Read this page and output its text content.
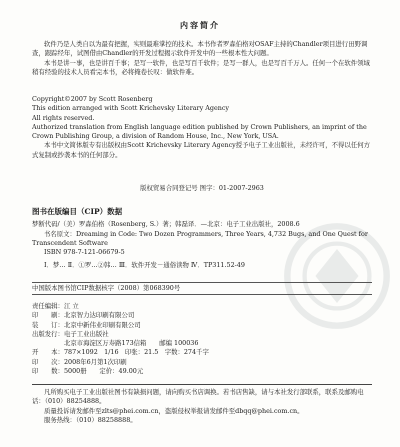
内容简介

软件乃是人类自以为最有把握，实则最难掌控的技术。本书作者罗森伯格对OSAF主持的Chandler项目进行田野调查，跟踪经年，试图借由Chandler的开发过程揭示软件开发中的一些根本性大问题。

本书是讲一事，也是讲百千事；是写一软件，也是写百千软件；是写一群人，也是写百千万人。任何一个在软件领域稍有经验的技术人员看完本书，必将掩卷长叹：做软件难。

Copyright©2007 by Scott Rosenberg

This edition arranged with Scott Krichevsky Literary Agency

All rights reserved.

Authorized translation from English language edition published by Crown Publishers, an imprint of the Crown Publishing Group, a division of Random House, Inc., New York, USA.

本书中文简体版专有出版权由Scott Krichevsky Literary Agency授予电子工业出版社，未经许可，不得以任何方式复制或抄袭本书的任何部分。

版权贸易合同登记号 图字：01-2007-2963

图书在版编目（CIP）数据

梦断代码/（美）罗森伯格（Rosenberg, S.）著；韩磊译．—北京：电子工业出版社，2008.6

书名原文：Dreaming in Code: Two Dozen Programmers, Three Years, 4,732 Bugs, and One Quest for Transcendent Software

ISBN 978-7-121-06679-5

Ⅰ．梦… Ⅱ．①罗…②韩… Ⅲ．软件开发－通俗读物 Ⅳ．TP311.52-49

中国版本图书馆CIP数据核字（2008）第068390号

责任编辑：江 立

印　　刷：北京智力达印刷有限公司

装　　订：北京中新伟业印刷有限公司

出版发行：电子工业出版社

　　　　　北京市海淀区万寿路173信箱　　邮编 100036

开　　本：787×1092　1/16　印张：21.5　字数：274千字

印　　次：2008年6月第1次印刷

印　　数：5000册　　定价：49.00元

凡所购买电子工业出版社图书有缺损问题，请向购买书店调换。若书店售缺，请与本社发行部联系，联系及邮购电话：（010）88254888。

质量投诉请发邮件至zlts@phei.com.cn，盗版侵权举报请发邮件至dbqq@phei.com.cn。

服务热线：（010）88258888。
